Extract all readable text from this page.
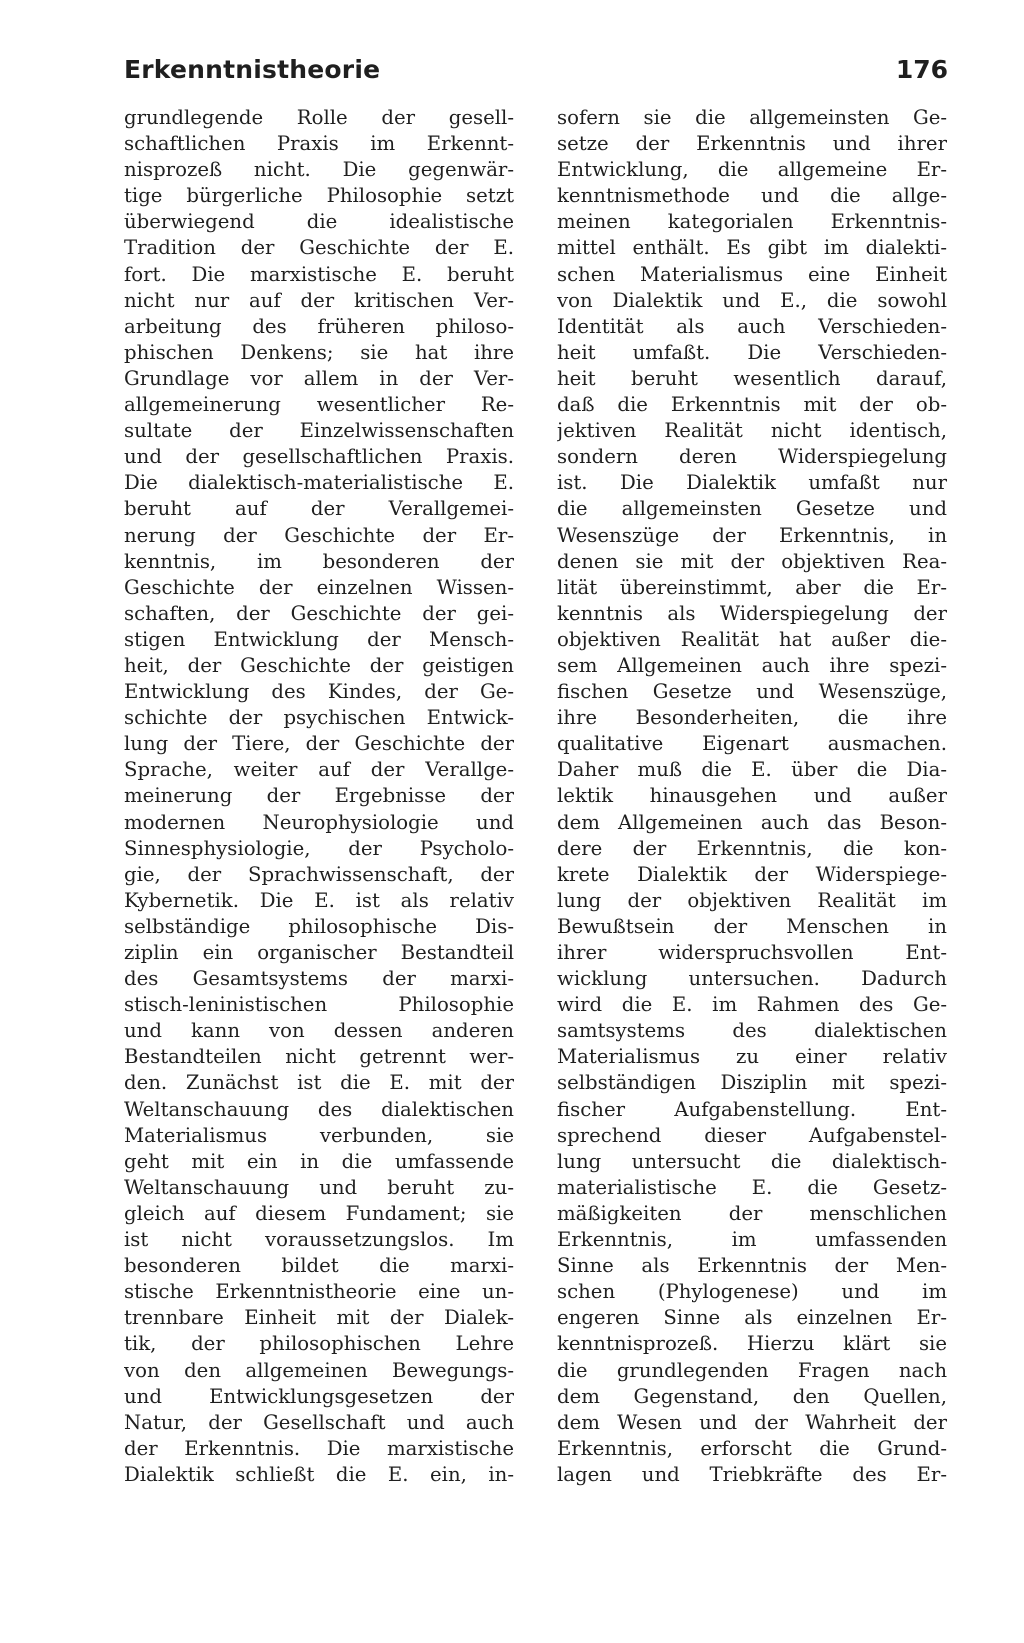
Erkenntnistheorie	176
grundlegende Rolle der gesell-
schaftlichen Praxis im Erkennt-
nisprozeß nicht. Die gegenwär-
tige bürgerliche Philosophie setzt
überwiegend die idealistische
Tradition der Geschichte der E.
fort. Die marxistische E. beruht
nicht nur auf der kritischen Ver-
arbeitung des früheren philoso-
phischen Denkens; sie hat ihre
Grundlage vor allem in der Ver-
allgemeinerung wesentlicher Re-
sultate der Einzelwissenschaften
und der gesellschaftlichen Praxis.
Die dialektisch-materialistische E.
beruht auf der Verallgemei-
nerung der Geschichte der Er-
kenntnis, im besonderen der
Geschichte der einzelnen Wissen-
schaften, der Geschichte der gei-
stigen Entwicklung der Mensch-
heit, der Geschichte der geistigen
Entwicklung des Kindes, der Ge-
schichte der psychischen Entwick-
lung der Tiere, der Geschichte der
Sprache, weiter auf der Verallge-
meinerung der Ergebnisse der
modernen Neurophysiologie und
Sinnesphysiologie, der Psycholo-
gie, der Sprachwissenschaft, der
Kybernetik. Die E. ist als relativ
selbständige philosophische Dis-
ziplin ein organischer Bestandteil
des Gesamtsystems der marxi-
stisch-leninistischen Philosophie
und kann von dessen anderen
Bestandteilen nicht getrennt wer-
den. Zunächst ist die E. mit der
Weltanschauung des dialektischen
Materialismus verbunden, sie
geht mit ein in die umfassende
Weltanschauung und beruht zu-
gleich auf diesem Fundament; sie
ist nicht voraussetzungslos. Im
besonderen bildet die marxi-
stische Erkenntnistheorie eine un-
trennbare Einheit mit der Dialek-
tik, der philosophischen Lehre
von den allgemeinen Bewegungs-
und Entwicklungsgesetzen der
Natur, der Gesellschaft und auch
der Erkenntnis. Die marxistische
Dialektik schließt die E. ein, in-
sofern sie die allgemeinsten Ge-
setze der Erkenntnis und ihrer
Entwicklung, die allgemeine Er-
kenntnismethode und die allge-
meinen kategorialen Erkenntnis-
mittel enthält. Es gibt im dialekti-
schen Materialismus eine Einheit
von Dialektik und E., die sowohl
Identität als auch Verschieden-
heit umfaßt. Die Verschieden-
heit beruht wesentlich darauf,
daß die Erkenntnis mit der ob-
jektiven Realität nicht identisch,
sondern deren Widerspiegelung
ist. Die Dialektik umfaßt nur
die allgemeinsten Gesetze und
Wesenszüge der Erkenntnis, in
denen sie mit der objektiven Rea-
lität übereinstimmt, aber die Er-
kenntnis als Widerspiegelung der
objektiven Realität hat außer die-
sem Allgemeinen auch ihre spezi-
fischen Gesetze und Wesenszüge,
ihre Besonderheiten, die ihre
qualitative Eigenart ausmachen.
Daher muß die E. über die Dia-
lektik hinausgehen und außer
dem Allgemeinen auch das Beson-
dere der Erkenntnis, die kon-
krete Dialektik der Widerspiege-
lung der objektiven Realität im
Bewußtsein der Menschen in
ihrer widerspruchsvollen Ent-
wicklung untersuchen. Dadurch
wird die E. im Rahmen des Ge-
samtsystems des dialektischen
Materialismus zu einer relativ
selbständigen Disziplin mit spezi-
fischer Aufgabenstellung. Ent-
sprechend dieser Aufgabenstel-
lung untersucht die dialektisch-
materialistische E. die Gesetz-
mäßigkeiten der menschlichen
Erkenntnis, im umfassenden
Sinne als Erkenntnis der Men-
schen (Phylogenese) und im
engeren Sinne als einzelnen Er-
kenntnisprozeß. Hierzu klärt sie
die grundlegenden Fragen nach
dem Gegenstand, den Quellen,
dem Wesen und der Wahrheit der
Erkenntnis, erforscht die Grund-
lagen und Triebkräfte des Er-
